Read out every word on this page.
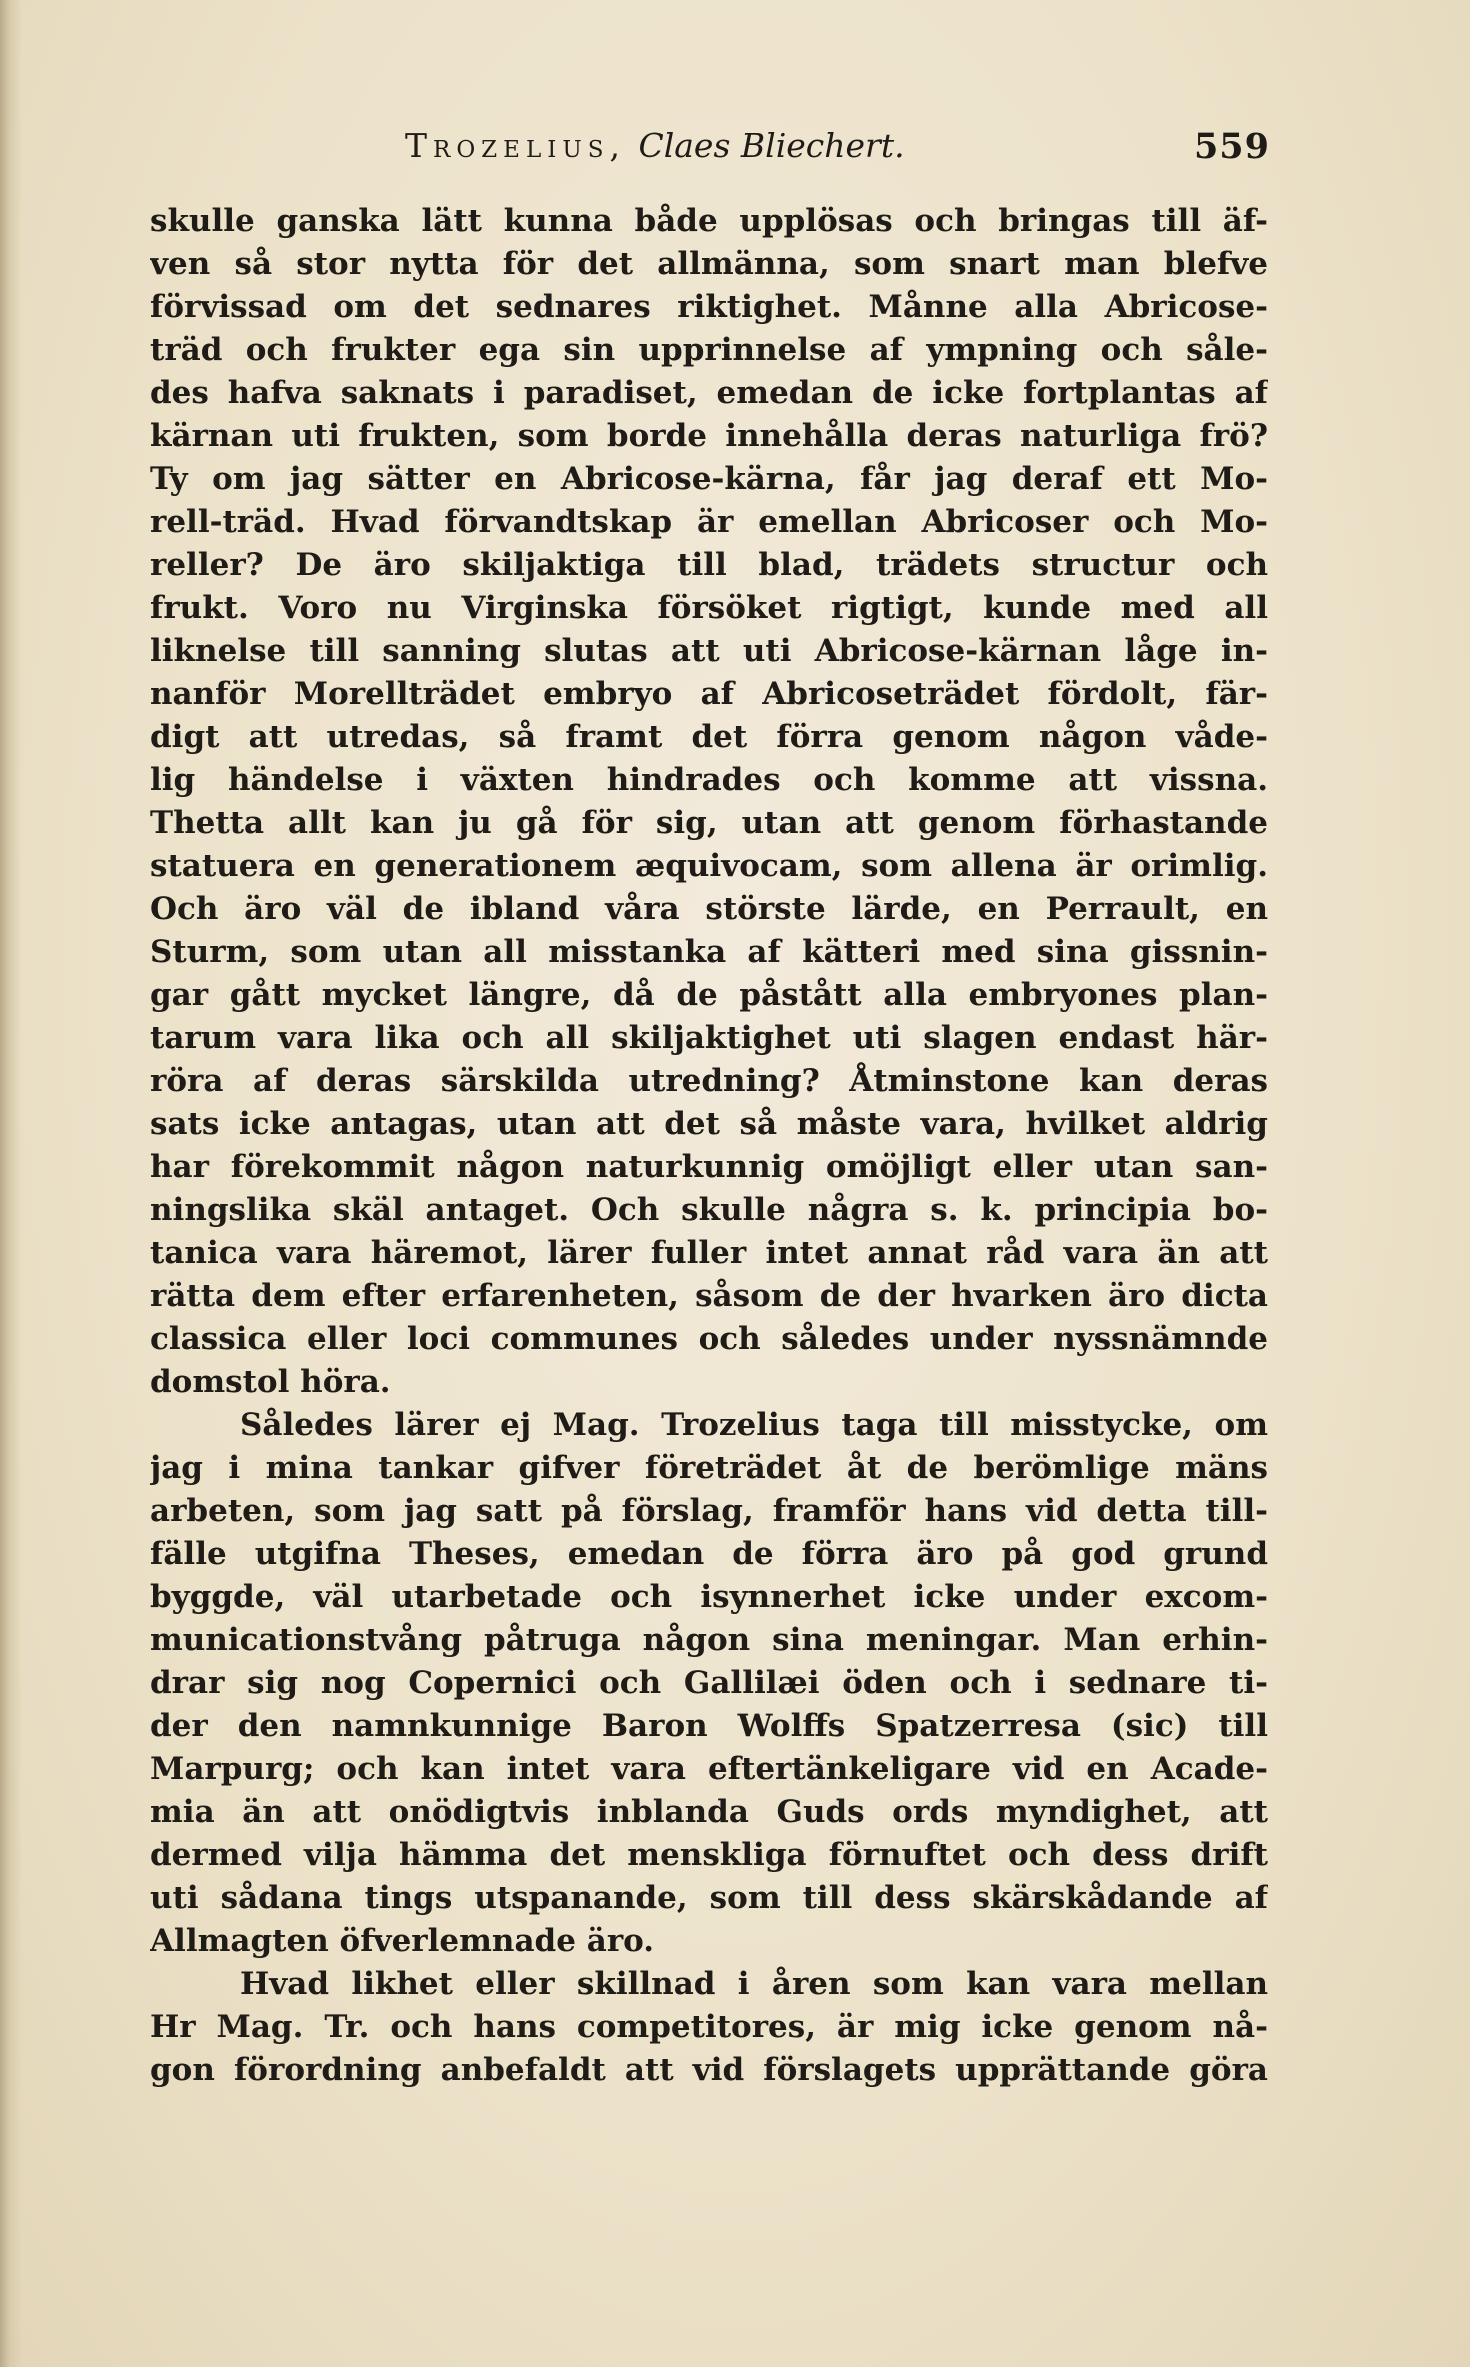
Trozelius, Claes Bliechert.	559
skulle ganska lätt kunna både upplösas och bringas till äf-
ven så stor nytta för det allmänna, som snart man blefve
förvissad om det sednares riktighet. Månne alla Abricose-
träd och frukter ega sin upprinnelse af ympning och såle-
des hafva saknats i paradiset, emedan de icke fortplantas af
kärnan uti frukten, som borde innehålla deras naturliga frö?
Ty om jag sätter en Abricose-kärna, får jag deraf ett Mo-
rell-träd. Hvad förvandtskap är emellan Abricoser och Mo-
reller? De äro skiljaktiga till blad, trädets structur och
frukt. Voro nu Virginska försöket rigtigt, kunde med all
liknelse till sanning slutas att uti Abricose-kärnan låge in-
nanför Morellträdet embryo af Abricoseträdet fördolt, fär-
digt att utredas, så framt det förra genom någon våde-
lig händelse i växten hindrades och komme att vissna.
Thetta allt kan ju gå för sig, utan att genom förhastande
statuera en generationem æquivocam, som allena är orimlig.
Och äro väl de ibland våra störste lärde, en Perrault, en
Sturm, som utan all misstanka af kätteri med sina gissnin-
gar gått mycket längre, då de påstått alla embryones plan-
tarum vara lika och all skiljaktighet uti slagen endast här-
röra af deras särskilda utredning? Åtminstone kan deras
sats icke antagas, utan att det så måste vara, hvilket aldrig
har förekommit någon naturkunnig omöjligt eller utan san-
ningslika skäl antaget. Och skulle några s. k. principia bo-
tanica vara häremot, lärer fuller intet annat råd vara än att
rätta dem efter erfarenheten, såsom de der hvarken äro dicta
classica eller loci communes och således under nyssnämnde
domstol höra.
Således lärer ej Mag. Trozelius taga till misstycke, om
jag i mina tankar gifver företrädet åt de berömlige mäns
arbeten, som jag satt på förslag, framför hans vid detta till-
fälle utgifna Theses, emedan de förra äro på god grund
byggde, väl utarbetade och isynnerhet icke under excom-
municationstvång påtruga någon sina meningar. Man erhin-
drar sig nog Copernici och Gallilæi öden och i sednare ti-
der den namnkunnige Baron Wolffs Spatzerresa (sic) till
Marpurg; och kan intet vara eftertänkeligare vid en Acade-
mia än att onödigtvis inblanda Guds ords myndighet, att
dermed vilja hämma det menskliga förnuftet och dess drift
uti sådana tings utspanande, som till dess skärskådande af
Allmagten öfverlemnade äro.
Hvad likhet eller skillnad i åren som kan vara mellan
Hr Mag. Tr. och hans competitores, är mig icke genom nå-
gon förordning anbefaldt att vid förslagets upprättande göra
